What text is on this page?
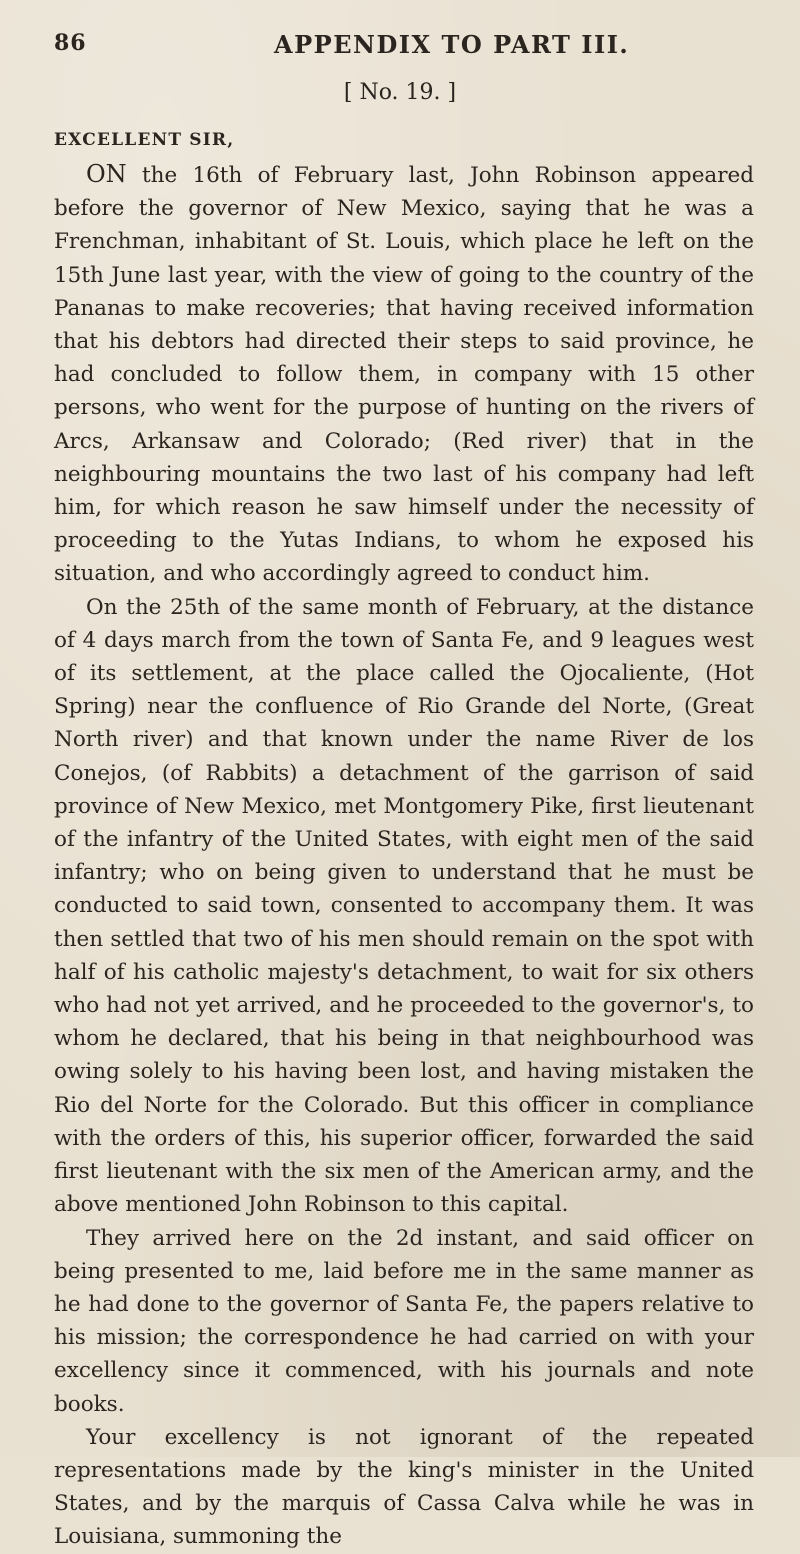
86	APPENDIX TO PART III.
[ No. 19. ]
EXCELLENT SIR,

ON the 16th of February last, John Robinson appeared before the governor of New Mexico, saying that he was a Frenchman, inhabitant of St. Louis, which place he left on the 15th June last year, with the view of going to the country of the Pananas to make recoveries; that having received information that his debtors had directed their steps to said province, he had concluded to follow them, in company with 15 other persons, who went for the purpose of hunting on the rivers of Arcs, Arkansaw and Colorado; (Red river) that in the neighbouring mountains the two last of his company had left him, for which reason he saw himself under the necessity of proceeding to the Yutas Indians, to whom he exposed his situation, and who accordingly agreed to conduct him.

On the 25th of the same month of February, at the distance of 4 days march from the town of Santa Fe, and 9 leagues west of its settlement, at the place called the Ojocaliente, (Hot Spring) near the confluence of Rio Grande del Norte, (Great North river) and that known under the name River de los Conejos, (of Rabbits) a detachment of the garrison of said province of New Mexico, met Montgomery Pike, first lieutenant of the infantry of the United States, with eight men of the said infantry; who on being given to understand that he must be conducted to said town, consented to accompany them. It was then settled that two of his men should remain on the spot with half of his catholic majesty's detachment, to wait for six others who had not yet arrived, and he proceeded to the governor's, to whom he declared, that his being in that neighbourhood was owing solely to his having been lost, and having mistaken the Rio del Norte for the Colorado. But this officer in compliance with the orders of this, his superior officer, forwarded the said first lieutenant with the six men of the American army, and the above mentioned John Robinson to this capital.

They arrived here on the 2d instant, and said officer on being presented to me, laid before me in the same manner as he had done to the governor of Santa Fe, the papers relative to his mission; the correspondence he had carried on with your excellency since it commenced, with his journals and note books.

Your excellency is not ignorant of the repeated representations made by the king's minister in the United States, and by the marquis of Cassa Calva while he was in Louisiana, summoning the
